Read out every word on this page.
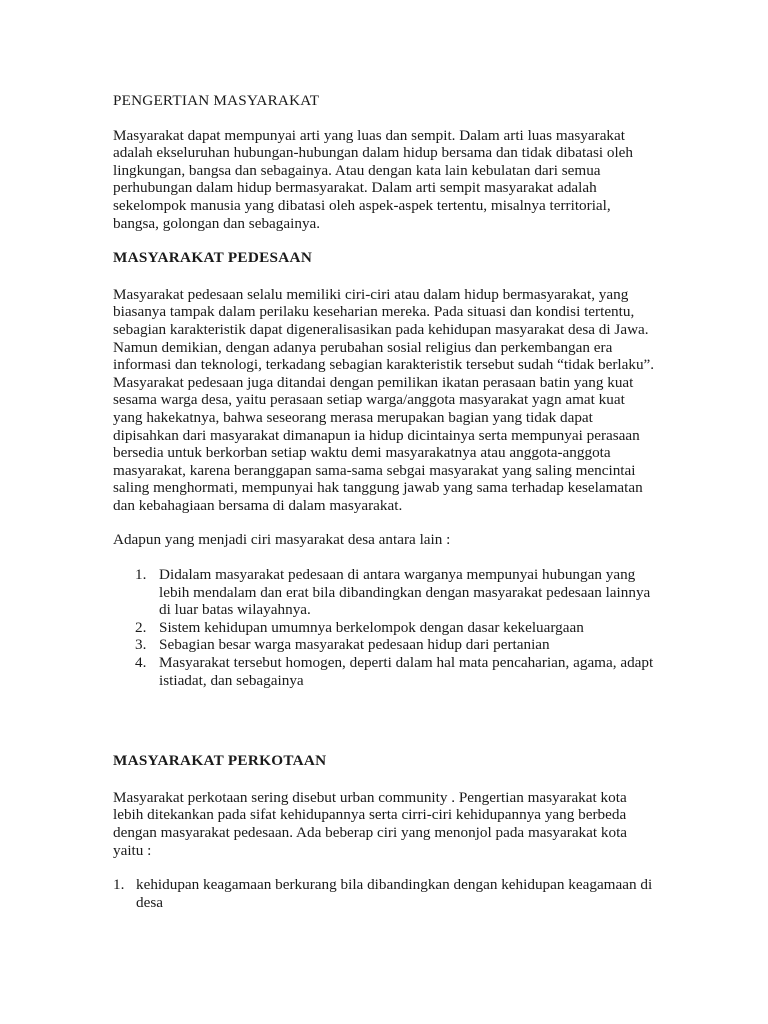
PENGERTIAN MASYARAKAT

Masyarakat dapat mempunyai arti yang luas dan sempit. Dalam arti luas masyarakat adalah ekseluruhan hubungan-hubungan dalam hidup bersama dan tidak dibatasi oleh lingkungan, bangsa dan sebagainya. Atau dengan kata lain kebulatan dari semua perhubungan dalam hidup bermasyarakat. Dalam arti sempit masyarakat adalah sekelompok manusia yang dibatasi oleh aspek-aspek tertentu, misalnya territorial, bangsa, golongan dan sebagainya.

MASYARAKAT PEDESAAN

Masyarakat pedesaan selalu memiliki ciri-ciri atau dalam hidup bermasyarakat, yang biasanya tampak dalam perilaku keseharian mereka. Pada situasi dan kondisi tertentu, sebagian karakteristik dapat digeneralisasikan pada kehidupan masyarakat desa di Jawa. Namun demikian, dengan adanya perubahan sosial religius dan perkembangan era informasi dan teknologi, terkadang sebagian karakteristik tersebut sudah “tidak berlaku”. Masyarakat pedesaan juga ditandai dengan pemilikan ikatan perasaan batin yang kuat sesama warga desa, yaitu perasaan setiap warga/anggota masyarakat yagn amat kuat yang hakekatnya, bahwa seseorang merasa merupakan bagian yang tidak dapat dipisahkan dari masyarakat dimanapun ia hidup dicintainya serta mempunyai perasaan bersedia untuk berkorban setiap waktu demi masyarakatnya atau anggota-anggota masyarakat, karena beranggapan sama-sama sebgai masyarakat yang saling mencintai saling menghormati, mempunyai hak tanggung jawab yang sama terhadap keselamatan dan kebahagiaan bersama di dalam masyarakat.

Adapun yang menjadi ciri masyarakat desa antara lain :

1. Didalam masyarakat pedesaan di antara warganya mempunyai hubungan yang lebih mendalam dan erat bila dibandingkan dengan masyarakat pedesaan lainnya di luar batas wilayahnya.
2. Sistem kehidupan umumnya berkelompok dengan dasar kekeluargaan
3. Sebagian besar warga masyarakat pedesaan hidup dari pertanian
4. Masyarakat tersebut homogen, deperti dalam hal mata pencaharian, agama, adapt istiadat, dan sebagainya

MASYARAKAT PERKOTAAN

Masyarakat perkotaan sering disebut urban community . Pengertian masyarakat kota lebih ditekankan pada sifat kehidupannya serta cirri-ciri kehidupannya yang berbeda dengan masyarakat pedesaan. Ada beberap ciri yang menonjol pada masyarakat kota yaitu :

1. kehidupan keagamaan berkurang bila dibandingkan dengan kehidupan keagamaan di desa
